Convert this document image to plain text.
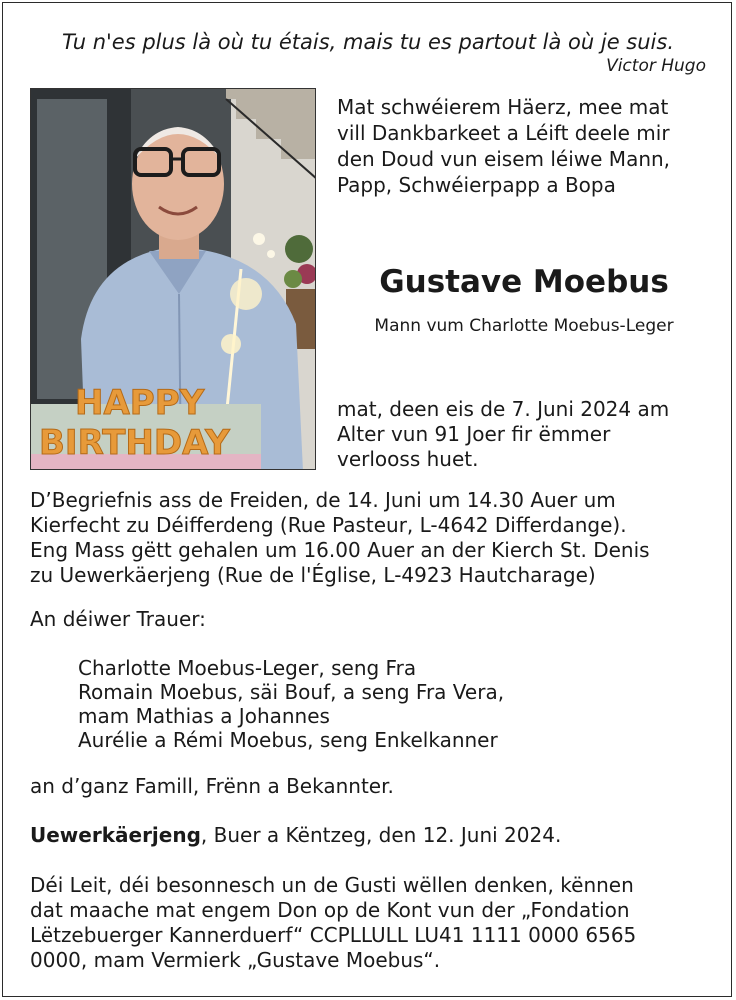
Tu n'es plus là où tu étais, mais tu es partout là où je suis.
Victor Hugo
HAPPY
BIRTHDAY
Mat schwéierem Häerz, mee mat
vill Dankbarkeet a Léift deele mir
den Doud vun eisem léiwe Mann,
Papp, Schwéierpapp a Bopa
Gustave Moebus
Mann vum Charlotte Moebus-Leger
mat, deen eis de 7. Juni 2024 am
Alter vun 91 Joer fir ëmmer
verlooss huet.
D’Begriefnis ass de Freiden, de 14. Juni um 14.30 Auer um
Kierfecht zu Déifferdeng (Rue Pasteur, L-4642 Differdange).
Eng Mass gëtt gehalen um 16.00 Auer an der Kierch St. Denis
zu Uewerkäerjeng (Rue de l'Église, L-4923 Hautcharage)
An déiwer Trauer:
Charlotte Moebus-Leger, seng Fra
Romain Moebus, säi Bouf, a seng Fra Vera,
mam Mathias a Johannes
Aurélie a Rémi Moebus, seng Enkelkanner
an d’ganz Famill, Frënn a Bekannter.
Uewerkäerjeng, Buer a Këntzeg, den 12. Juni 2024.
Déi Leit, déi besonnesch un de Gusti wëllen denken, kënnen
dat maache mat engem Don op de Kont vun der „Fondation
Lëtzebuerger Kannerduerf“ CCPLLULL LU41 1111 0000 6565
0000, mam Vermierk „Gustave Moebus“.
